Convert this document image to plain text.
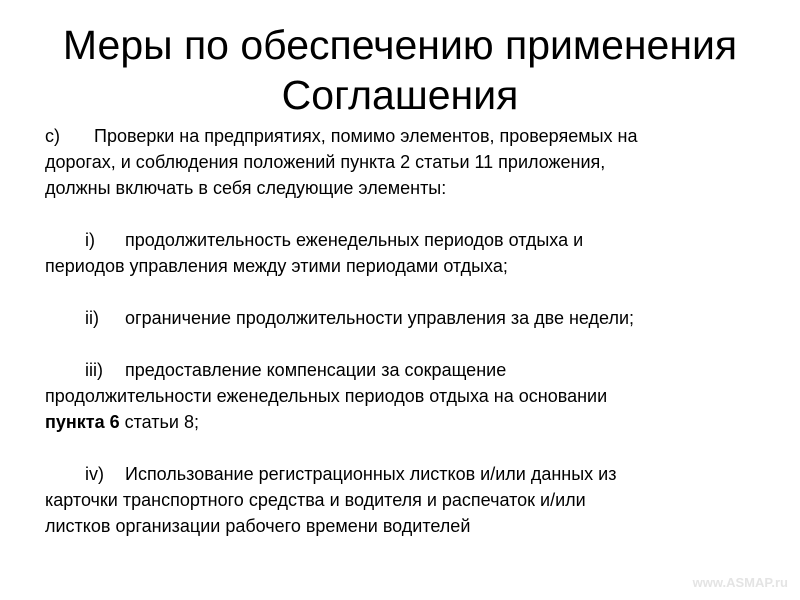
Меры по обеспечению применения
Соглашения
c) Проверки на предприятиях, помимо элементов, проверяемых на
дорогах, и соблюдения положений пункта 2 статьи 11 приложения,
должны включать в себя следующие элементы:
i) продолжительность еженедельных периодов отдыха и
периодов управления между этими периодами отдыха;
ii) ограничение продолжительности управления за две недели;
iii) предоставление компенсации за сокращение
продолжительности еженедельных периодов отдыха на основании
пункта 6 статьи 8;
iv) Использование регистрационных листков и/или данных из
карточки транспортного средства и водителя и распечаток и/или
листков организации рабочего времени водителей
www.ASMAP.ru
